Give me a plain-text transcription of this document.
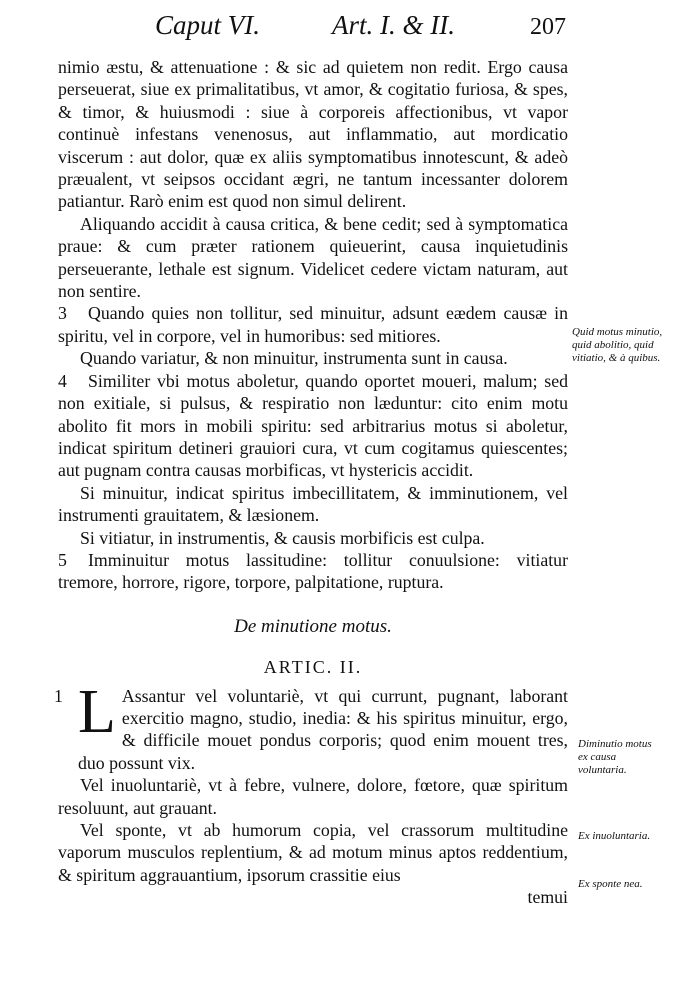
Caput VI.	Art. I. & II.	207

nimio æstu, & attenuatione : & sic ad quietem non redit. Ergo causa perseuerat, siue ex primalitatibus, vt amor, & cogitatio furiosa, & spes, & timor, & huiusmodi : siue à corporeis affectionibus, vt vapor continuè infestans venenosus, aut inflammatio, aut mordicatio viscerum : aut dolor, quæ ex aliis symptomatibus innotescunt, & adeò præualent, vt seipsos occidant ægri, ne tantum incessanter dolorem patiantur. Rarò enim est quod non simul delirent.

Aliquando accidit à causa critica, & bene cedit; sed à symptomatica praue: & cum præter rationem quieuerint, causa inquietudinis perseuerante, lethale est signum. Videlicet cedere victam naturam, aut non sentire.

3 Quando quies non tollitur, sed minuitur, adsunt eædem causæ in spiritu, vel in corpore, vel in humoribus: sed mitiores.

Quando variatur, & non minuitur, instrumenta sunt in causa.

4 Similiter vbi motus aboletur, quando oportet moueri, malum; sed non exitiale, si pulsus, & respiratio non læduntur: cito enim motu abolito fit mors in mobili spiritu: sed arbitrarius motus si aboletur, indicat spiritum detineri grauiori cura, vt cum cogitamus quiescentes; aut pugnam contra causas morbificas, vt hystericis accidit.

Si minuitur, indicat spiritus imbecillitatem, & imminutionem, vel instrumenti grauitatem, & læsionem.

Si vitiatur, in instrumentis, & causis morbificis est culpa.

5 Imminuitur motus lassitudine: tollitur conuulsione: vitiatur tremore, horrore, rigore, torpore, palpitatione, ruptura.

De minutione motus.
ARTIC. II.

1 L Assantur vel voluntariè, vt qui currunt, pugnant, laborant exercitio magno, studio, inedia: & his spiritus minuitur, ergo, & difficile mouet pondus corporis; quod enim mouent tres, duo possunt vix.

Vel inuoluntariè, vt à febre, vulnere, dolore, fœtore, quæ spiritum resoluunt, aut grauant.

Vel sponte, vt ab humorum copia, vel crassorum multitudine vaporum musculos replentium, & ad motum minus aptos reddentium, & spiritum aggrauantium, ipsorum crassitie eius

temui
Quid motus minutio, quid abolitio, quid vitiatio, & à quibus.
Diminutio motus ex causa voluntaria.
Ex inuoluntaria.
Ex sponte nea.
